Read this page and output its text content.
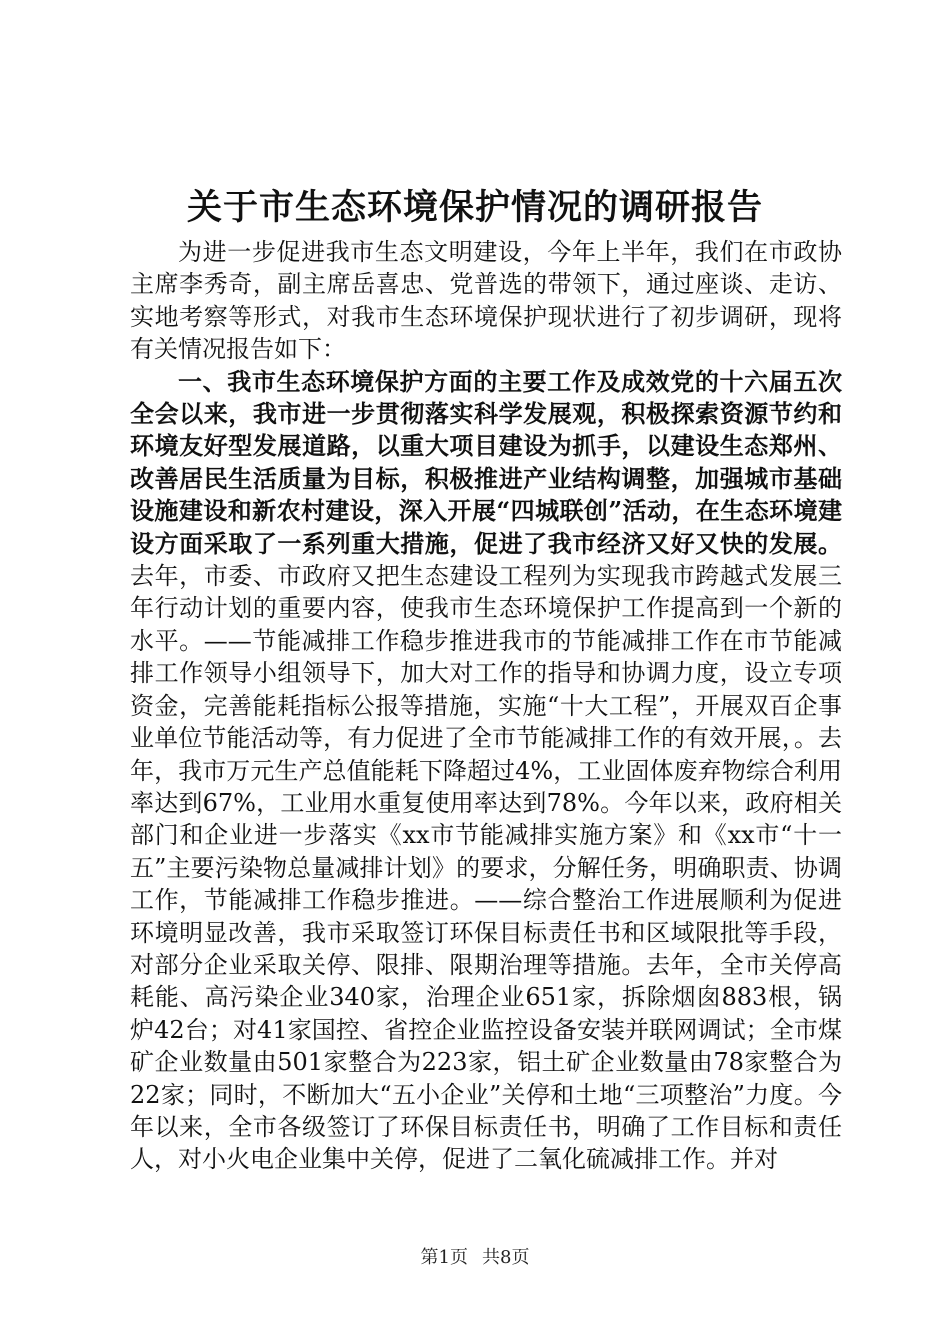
关于市生态环境保护情况的调研报告

为进一步促进我市生态文明建设，今年上半年，我们在市政协主席李秀奇，副主席岳喜忠、党普选的带领下，通过座谈、走访、实地考察等形式，对我市生态环境保护现状进行了初步调研，现将有关情况报告如下：

一、我市生态环境保护方面的主要工作及成效党的十六届五次全会以来，我市进一步贯彻落实科学发展观，积极探索资源节约和环境友好型发展道路，以重大项目建设为抓手，以建设生态郑州、改善居民生活质量为目标，积极推进产业结构调整，加强城市基础设施建设和新农村建设，深入开展“四城联创”活动，在生态环境建设方面采取了一系列重大措施，促进了我市经济又好又快的发展。去年，市委、市政府又把生态建设工程列为实现我市跨越式发展三年行动计划的重要内容，使我市生态环境保护工作提高到一个新的水平。——节能减排工作稳步推进我市的节能减排工作在市节能减排工作领导小组领导下，加大对工作的指导和协调力度，设立专项资金，完善能耗指标公报等措施，实施“十大工程”，开展双百企事业单位节能活动等，有力促进了全市节能减排工作的有效开展，。去年，我市万元生产总值能耗下降超过4%，工业固体废弃物综合利用率达到67%，工业用水重复使用率达到78%。今年以来，政府相关部门和企业进一步落实《xx市节能减排实施方案》和《xx市“十一五”主要污染物总量减排计划》的要求，分解任务，明确职责、协调工作，节能减排工作稳步推进。——综合整治工作进展顺利为促进环境明显改善，我市采取签订环保目标责任书和区域限批等手段，对部分企业采取关停、限排、限期治理等措施。去年，全市关停高耗能、高污染企业340家，治理企业651家，拆除烟囱883根，锅炉42台；对41家国控、省控企业监控设备安装并联网调试；全市煤矿企业数量由501家整合为223家，铝土矿企业数量由78家整合为22家；同时，不断加大“五小企业”关停和土地“三项整治”力度。今年以来，全市各级签订了环保目标责任书，明确了工作目标和责任人，对小火电企业集中关停，促进了二氧化硫减排工作。并对

第1页 共8页
